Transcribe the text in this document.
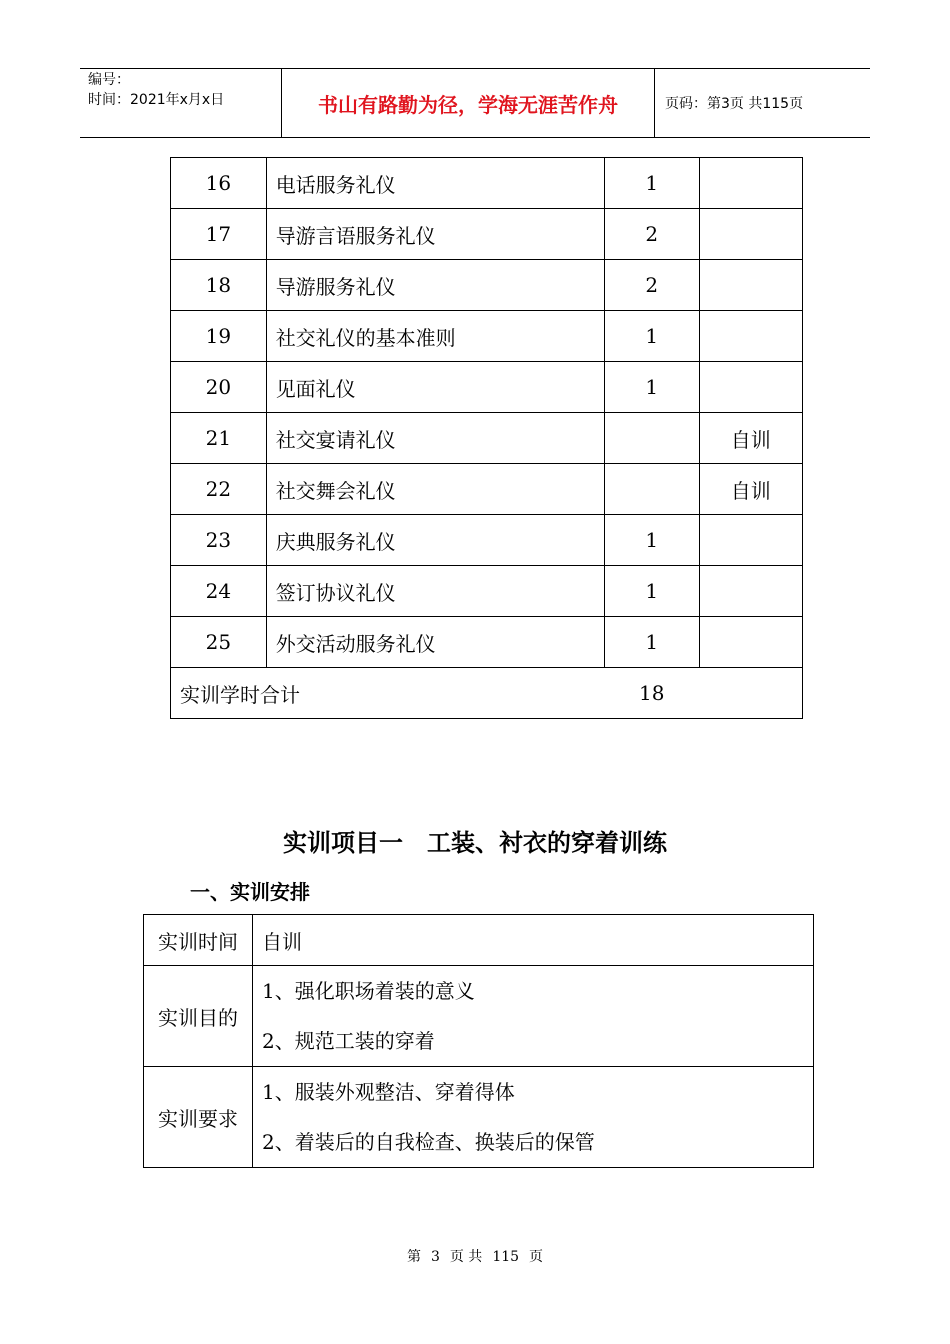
编号：
时间：2021年x月x日	书山有路勤为径，学海无涯苦作舟	页码：第3页 共115页
16	电话服务礼仪	1	
17	导游言语服务礼仪	2	
18	导游服务礼仪	2	
19	社交礼仪的基本准则	1	
20	见面礼仪	1	
21	社交宴请礼仪		自训
22	社交舞会礼仪		自训
23	庆典服务礼仪	1	
24	签订协议礼仪	1	
25	外交活动服务礼仪	1	
实训学时合计		18	
实训项目一　工装、衬衣的穿着训练
一、实训安排
实训时间	自训
实训目的	1、强化职场着装的意义
2、规范工装的穿着

实训要求	1、服装外观整洁、穿着得体
2、着装后的自我检查、换装后的保管
第 3 页 共 115 页
